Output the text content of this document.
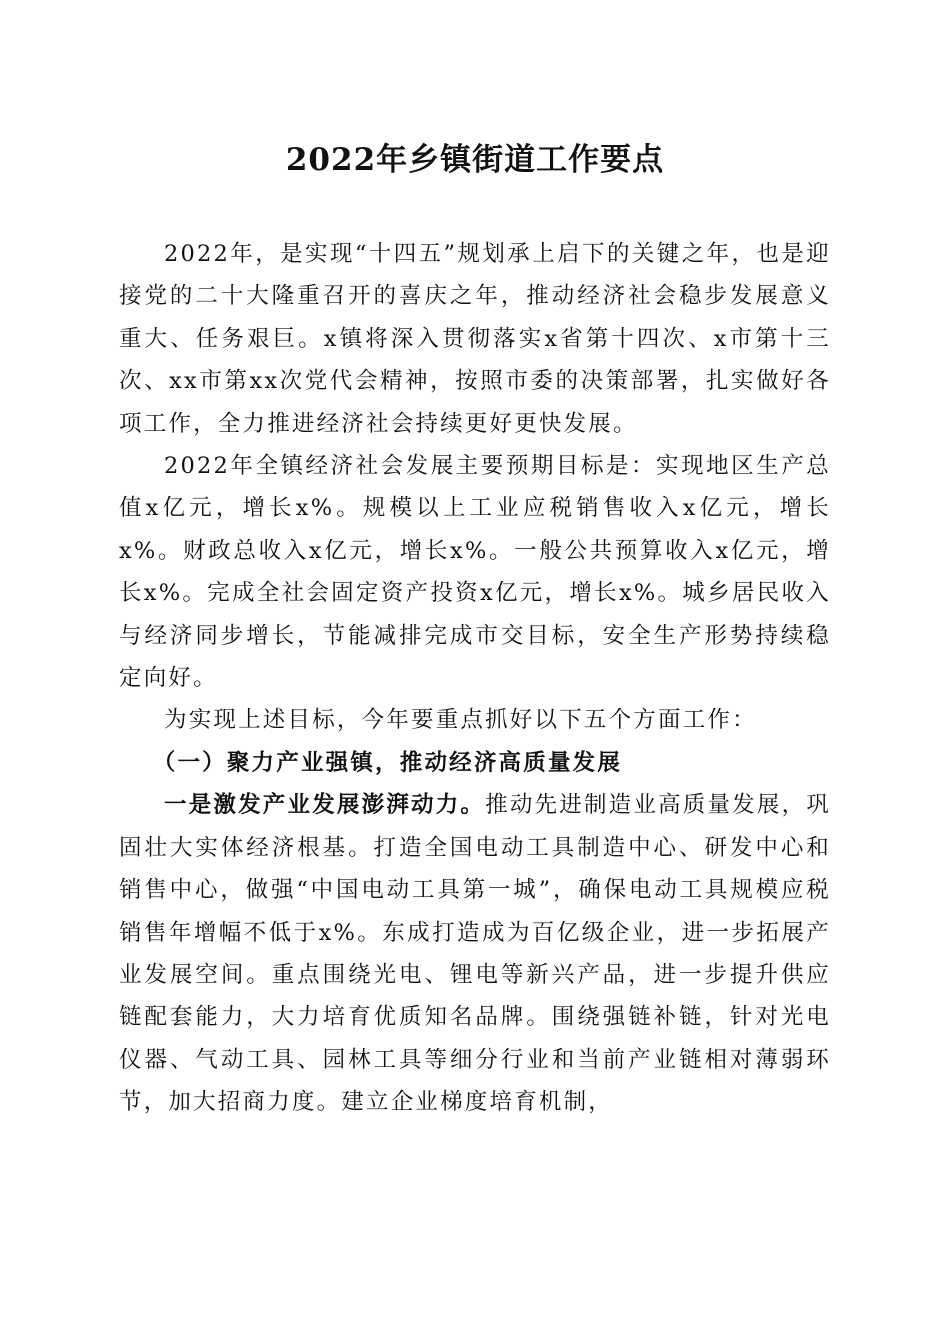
2022年乡镇街道工作要点

2022年，是实现“十四五”规划承上启下的关键之年，也是迎接党的二十大隆重召开的喜庆之年，推动经济社会稳步发展意义重大、任务艰巨。x镇将深入贯彻落实x省第十四次、x市第十三次、xx市第xx次党代会精神，按照市委的决策部署，扎实做好各项工作，全力推进经济社会持续更好更快发展。

2022年全镇经济社会发展主要预期目标是：实现地区生产总值x亿元，增长x%。规模以上工业应税销售收入x亿元，增长x%。财政总收入x亿元，增长x%。一般公共预算收入x亿元，增长x%。完成全社会固定资产投资x亿元，增长x%。城乡居民收入与经济同步增长，节能减排完成市交目标，安全生产形势持续稳定向好。

为实现上述目标，今年要重点抓好以下五个方面工作：

（一）聚力产业强镇，推动经济高质量发展

一是激发产业发展澎湃动力。推动先进制造业高质量发展，巩固壮大实体经济根基。打造全国电动工具制造中心、研发中心和销售中心，做强“中国电动工具第一城”，确保电动工具规模应税销售年增幅不低于x%。东成打造成为百亿级企业，进一步拓展产业发展空间。重点围绕光电、锂电等新兴产品，进一步提升供应链配套能力，大力培育优质知名品牌。围绕强链补链，针对光电仪器、气动工具、园林工具等细分行业和当前产业链相对薄弱环节，加大招商力度。建立企业梯度培育机制，
